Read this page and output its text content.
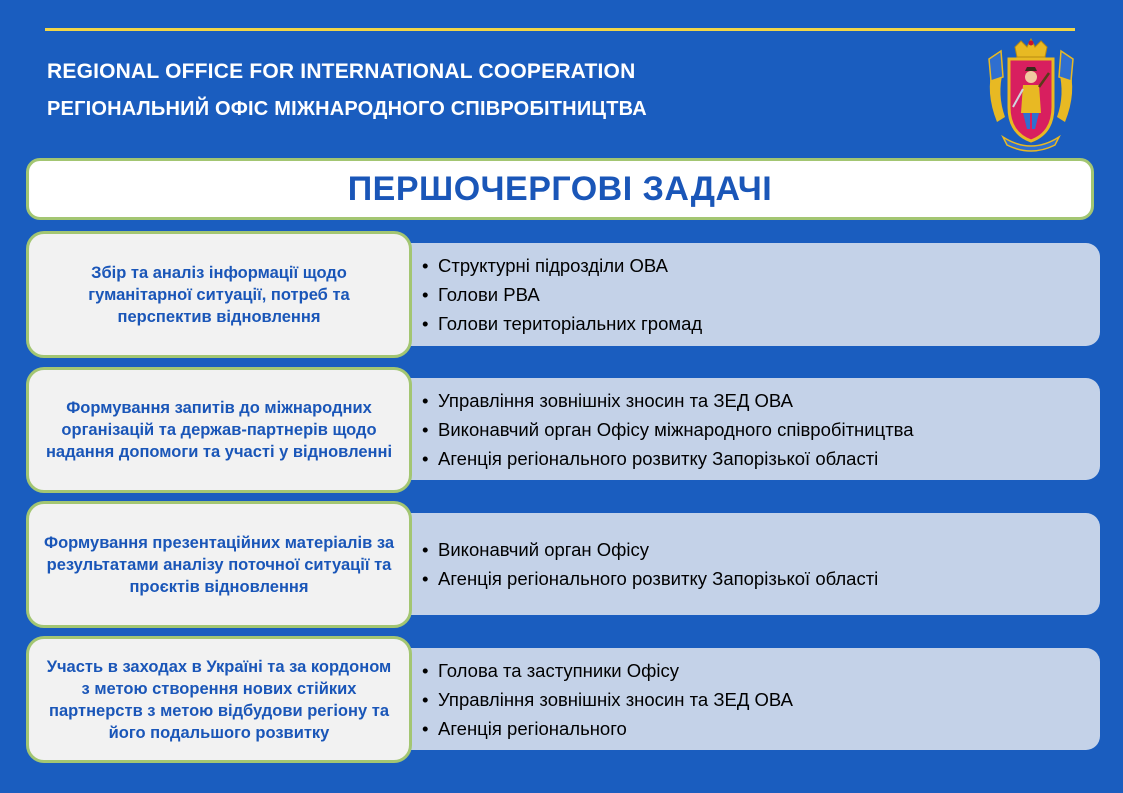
REGIONAL OFFICE FOR INTERNATIONAL COOPERATION
РЕГІОНАЛЬНИЙ ОФІС МІЖНАРОДНОГО СПІВРОБІТНИЦТВА
ПЕРШОЧЕРГОВІ ЗАДАЧІ
• Структурні підрозділи ОВА
• Голови РВА
• Голови територіальних громад
Збір та аналіз інформації щодо гуманітарної ситуації, потреб та перспектив відновлення
• Управління зовнішніх зносин та ЗЕД ОВА
• Виконавчий орган Офісу міжнародного співробітництва
• Агенція регіонального розвитку Запорізької області
Формування запитів до міжнародних організацій та держав-партнерів щодо надання допомоги та участі у відновленні
• Виконавчий орган Офісу
• Агенція регіонального розвитку Запорізької області
Формування презентаційних матеріалів за результатами аналізу поточної ситуації та проєктів відновлення
• Голова та заступники Офісу
• Управління зовнішніх зносин та ЗЕД ОВА
• Агенція регіонального
Участь в заходах в Україні та за кордоном з метою створення нових стійких партнерств з метою відбудови регіону та його подальшого розвитку
